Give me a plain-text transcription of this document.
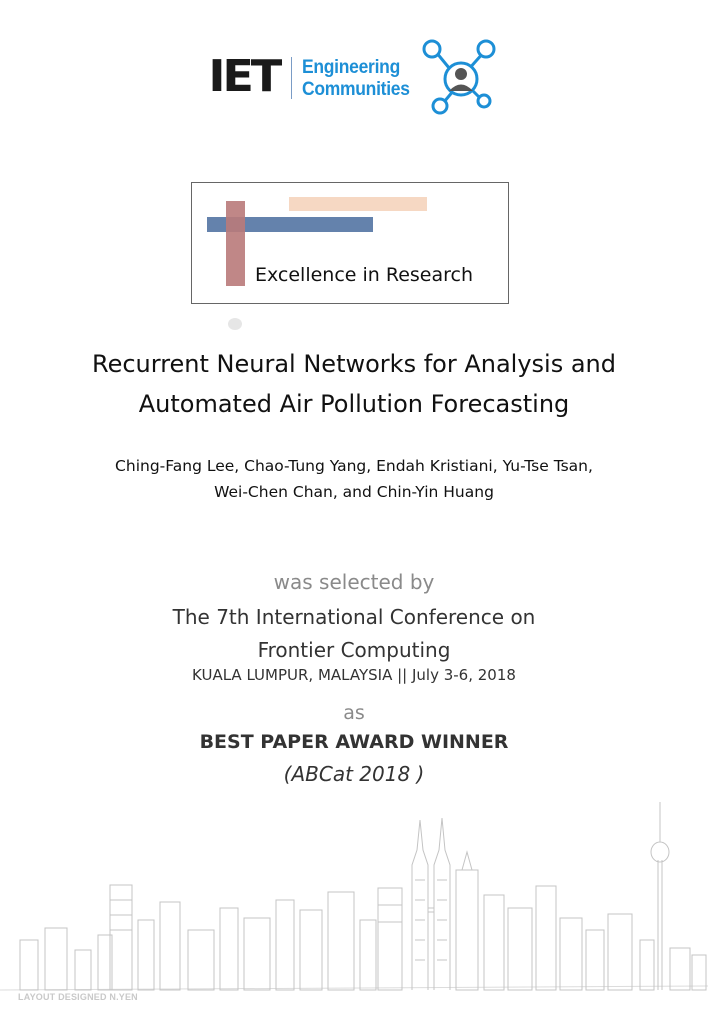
IET Engineering
Communities
Excellence in Research
Recurrent Neural Networks for Analysis and
Automated Air Pollution Forecasting
Ching-Fang Lee, Chao-Tung Yang, Endah Kristiani, Yu-Tse Tsan,
Wei-Chen Chan, and Chin-Yin Huang
was selected by
The 7th International Conference on
Frontier Computing
KUALA LUMPUR, MALAYSIA || July 3-6, 2018
as
BEST PAPER AWARD WINNER
(ABCat 2018 )
LAYOUT DESIGNED N.YEN
